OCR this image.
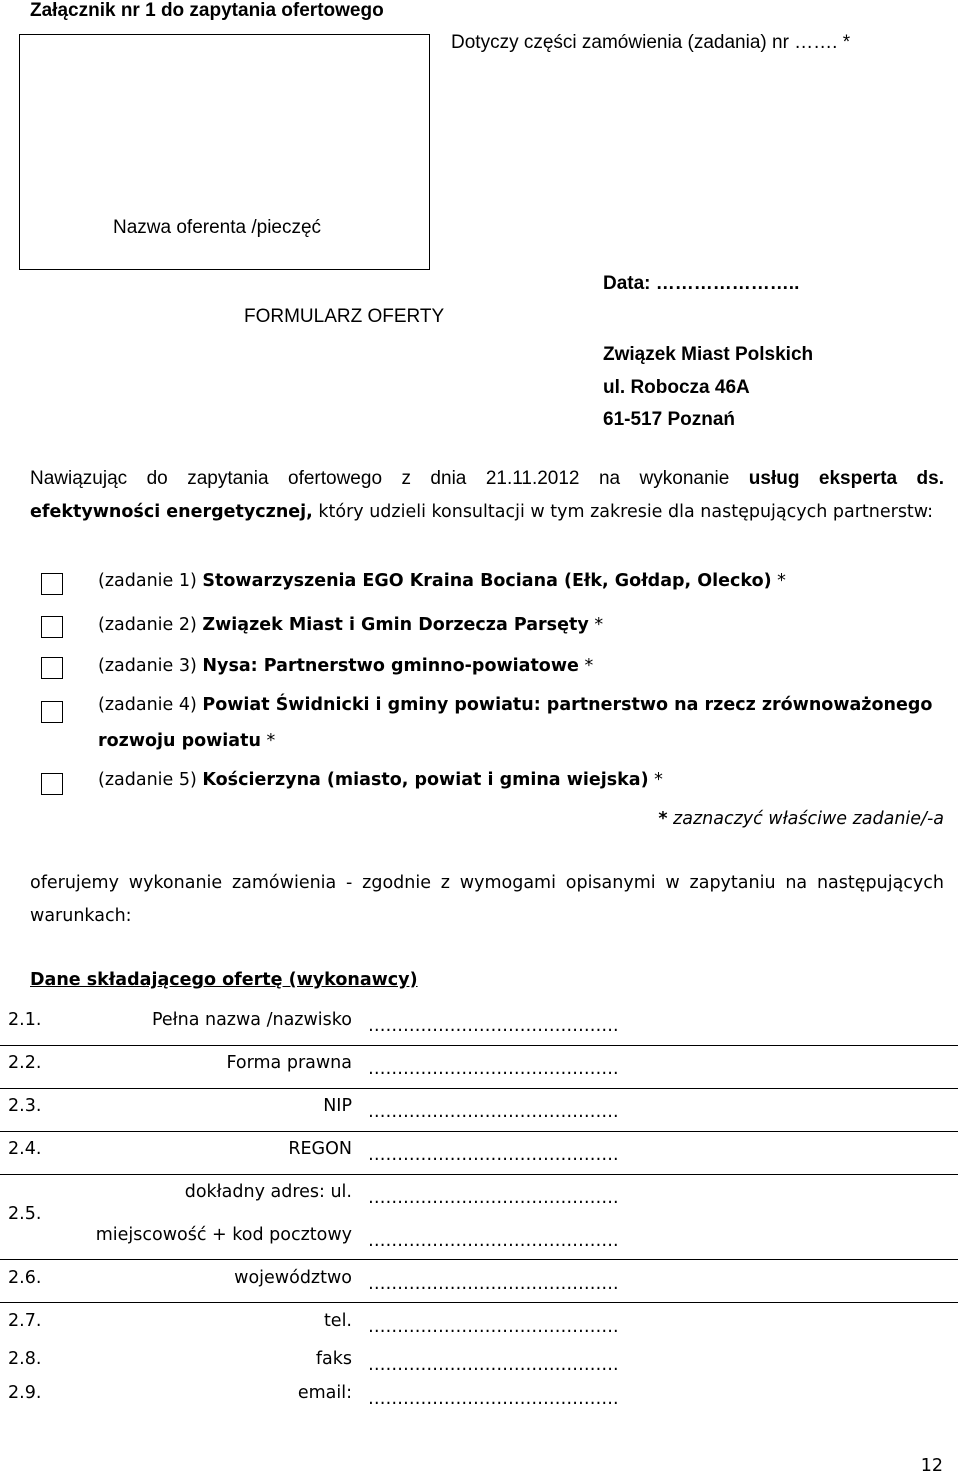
Załącznik nr 1 do zapytania ofertowego
Dotyczy części zamówienia (zadania) nr ……. *
Nazwa oferenta /pieczęć
FORMULARZ OFERTY
Data: …………………..
Związek Miast Polskich
ul. Robocza 46A
61-517 Poznań
Nawiązując do zapytania ofertowego z dnia 21.11.2012 na wykonanie usług eksperta ds.
efektywności energetycznej, który udzieli konsultacji w tym zakresie dla następujących partnerstw:
(zadanie 1) Stowarzyszenia EGO Kraina Bociana (Ełk, Gołdap, Olecko) *
(zadanie 2) Związek Miast i Gmin Dorzecza Parsęty *
(zadanie 3) Nysa: Partnerstwo gminno-powiatowe *
(zadanie 4) Powiat Świdnicki i gminy powiatu: partnerstwo na rzecz zrównoważonego
rozwoju powiatu *
(zadanie 5) Kościerzyna (miasto, powiat i gmina wiejska) *
* zaznaczyć właściwe zadanie/-a
oferujemy wykonanie zamówienia - zgodnie z wymogami opisanymi w zapytaniu na następujących
warunkach:
Dane składającego ofertę (wykonawcy)
2.1.	Pełna nazwa /nazwisko …………………………………….
2.2.	Forma prawna …………………………………….
2.3.	NIP …………………………………….
2.4.	REGON …………………………………….
2.5.
dokładny adres: ul. …………………………………….
miejscowość + kod pocztowy …………………………………….
2.6.	województwo …………………………………….
2.7.	tel. …………………………………….
2.8.	faks …………………………………….
2.9.	email: …………………………………….
12
